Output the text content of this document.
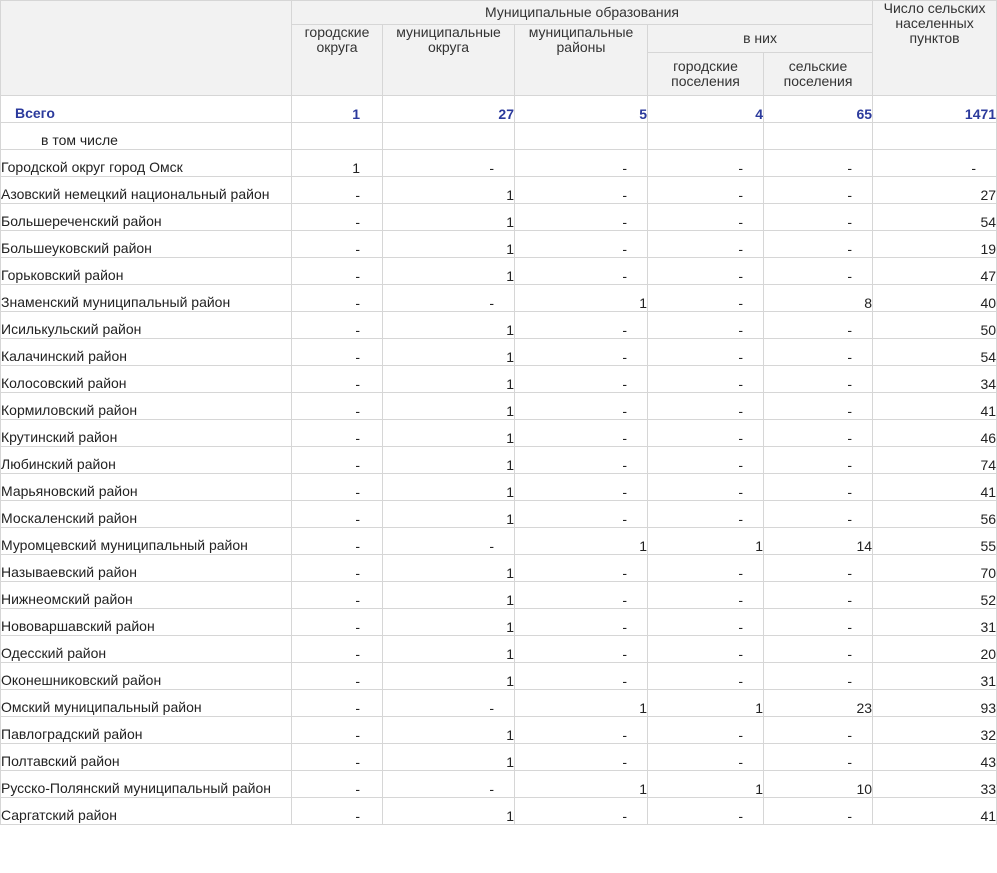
	Муниципальные образования					Число сельских населенных пунктов
	городские округа	муниципальные округа	муниципальные районы	в них		
				городские поселения	сельские поселения	
Всего	1	27	5	4	65	1471
в том числе						
Городской округ город Омск	1	-	-	-	-	-
Азовский немецкий национальный район	-	1	-	-	-	27
Большереченский район	-	1	-	-	-	54
Большеуковский район	-	1	-	-	-	19
Горьковский район	-	1	-	-	-	47
Знаменский муниципальный район	-	-	1	-	8	40
Исилькульский район	-	1	-	-	-	50
Калачинский район	-	1	-	-	-	54
Колосовский район	-	1	-	-	-	34
Кормиловский район	-	1	-	-	-	41
Крутинский район	-	1	-	-	-	46
Любинский район	-	1	-	-	-	74
Марьяновский район	-	1	-	-	-	41
Москаленский район	-	1	-	-	-	56
Муромцевский муниципальный район	-	-	1	1	14	55
Называевский район	-	1	-	-	-	70
Нижнеомский район	-	1	-	-	-	52
Нововаршавский район	-	1	-	-	-	31
Одесский район	-	1	-	-	-	20
Оконешниковский район	-	1	-	-	-	31
Омский муниципальный район	-	-	1	1	23	93
Павлоградский район	-	1	-	-	-	32
Полтавский район	-	1	-	-	-	43
Русско-Полянский муниципальный район	-	-	1	1	10	33
Саргатский район	-	1	-	-	-	41
